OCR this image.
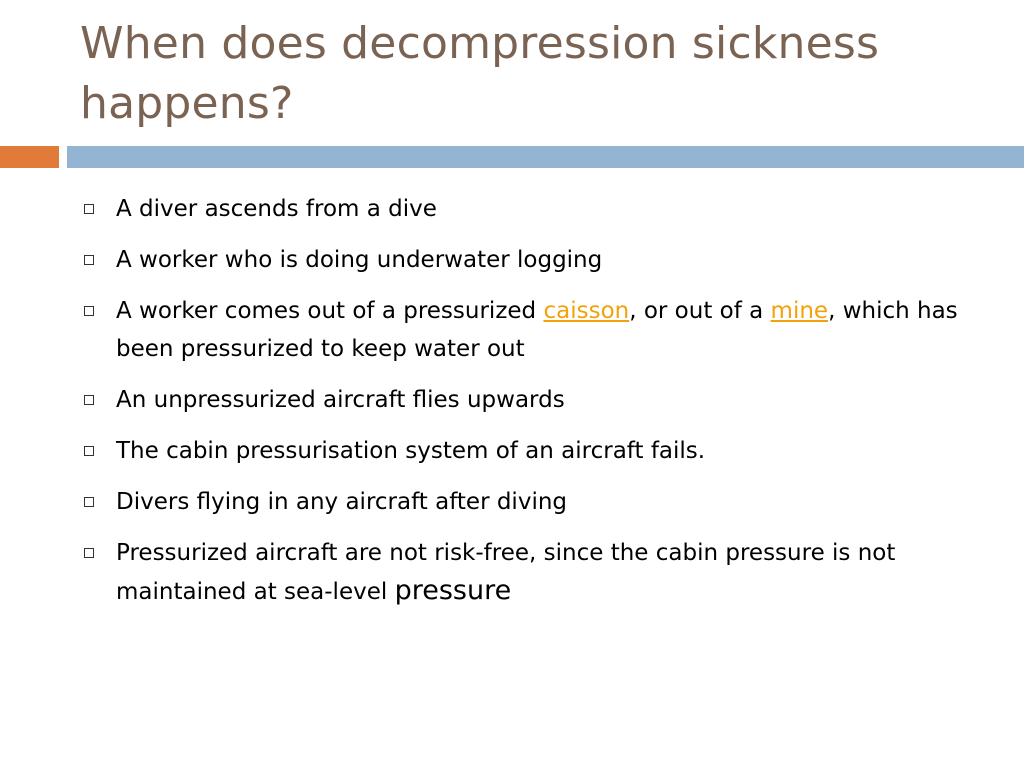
When does decompression sickness happens?
A diver ascends from a dive
A worker who is doing underwater logging
A worker comes out of a pressurized caisson, or out of a mine, which has been pressurized to keep water out
An unpressurized aircraft flies upwards
The cabin pressurisation system of an aircraft fails.
Divers flying in any aircraft after diving
Pressurized aircraft are not risk-free, since the cabin pressure is not maintained at sea-level pressure
